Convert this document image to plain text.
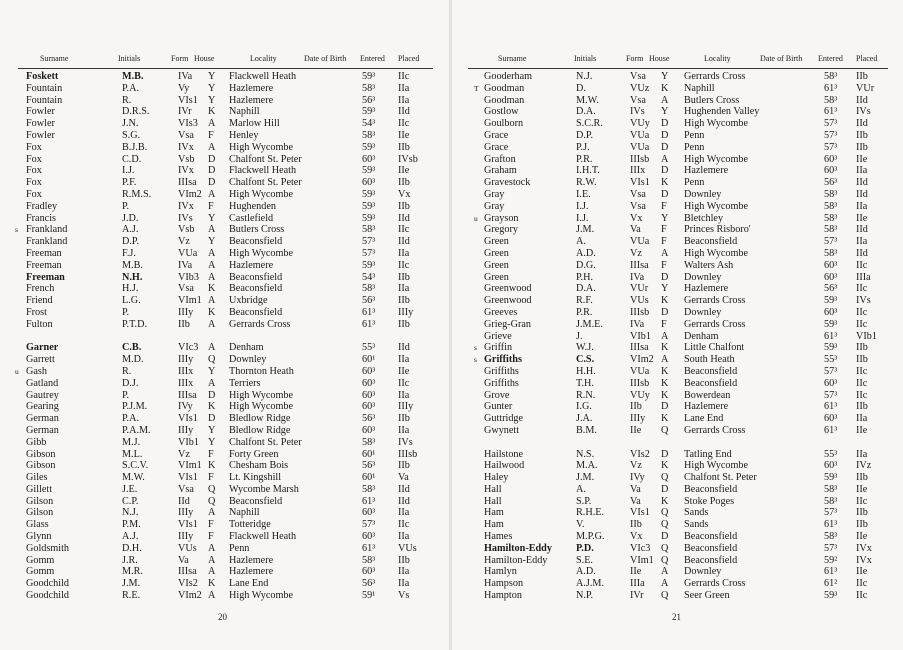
Surname	Initials	Form House	Locality	Date of Birth Entered Placed
Foskett	M.B.	IVa Y Flackwell Heath	59³ IIc
Fountain	P.A.	Vy Y Hazlemere	58³ IIa
Fountain	R.	VIs1 Y Hazlemere	56³ IIa
Fowler	D.R.S.	IVr K Naphill	59³ IId
Fowler	J.N.	VIs3 A Marlow Hill	54³ IIc
Fowler	S.G.	Vsa F Henley	58³ IIe
Fox	B.J.B.	IVx A High Wycombe	59³ IIb
Fox	C.D.	Vsb D Chalfont St. Peter	60³ IVsb
Fox	I.J.	IVx D Flackwell Heath	59³ IIe
Fox	P.F.	IIIsa D Chalfont St. Peter	60³ IIb
Fox	R.M.S.	VIm2 A High Wycombe	59³ Vx
Fradley	P.	IVx F Hughenden	59³ IIb
Francis	J.D.	IVs Y Castlefield	59³ IId
s Frankland	A.J.	Vsb A Butlers Cross	58³ IIc
Frankland	D.P.	Vz Y Beaconsfield	57³ IId
Freeman	F.J.	VUa A High Wycombe	57³ IIa
Freeman	M.B.	IVa A Hazlemere	59³ IIc
Freeman	N.H.	VIb3 A Beaconsfield	54³ IIb
French	H.J.	Vsa K Beaconsfield	58³ IIa
Friend	L.G.	VIm1 A Uxbridge	56³ IIb
Frost	P.	IIIy K Beaconsfield	61³ IIIy
Fulton	P.T.D.	IIb A Gerrards Cross	61³ IIb
Garner	C.B.	VIc3 A Denham	55³ IId
Garrett	M.D.	IIIy Q Downley	60¹ IIa
u Gash	R.	IIIx Y Thornton Heath	60³ IIe
Gatland	D.J.	IIIx A Terriers	60³ IIc
Gautrey	P.	IIIsa D High Wycombe	60³ IIa
Gearing	P.J.M.	IVy K High Wycombe	60³ IIIy
German	P.A.	VIs1 D Bledlow Ridge	56³ IIb
German	P.A.M.	IIIy Y Bledlow Ridge	60³ IIa
Gibb	M.J.	VIb1 Y Chalfont St. Peter	58³ IVs
Gibson	M.L.	Vz F Forty Green	60¹ IIIsb
Gibson	S.C.V.	VIm1 K Chesham Bois	56³ IIb
Giles	M.W.	VIs1 F Lt. Kingshill	60¹ Va
Gillett	J.E.	Vsa Q Wycombe Marsh	58³ IId
Gilson	C.P.	IId Q Beaconsfield	61³ IId
Gilson	N.J.	IIIy A Naphill	60³ IIa
Glass	P.M.	VIs1 F Totteridge	57³ IIc
Glynn	A.J.	IIIy F Flackwell Heath	60³ IIa
Goldsmith	D.H.	VUs A Penn	61³ VUs
Gomm	J.R.	Va A Hazlemere	58³ IIb
Gomm	M.R.	IIIsa A Hazlemere	60³ IIa
Goodchild	J.M.	VIs2 K Lane End	56³ IIa
Goodchild	R.E.	VIm2 A High Wycombe	59¹ Vs
20
Surname	Initials	Form House	Locality	Date of Birth Entered Placed
Gooderham	N.J.	Vsa Y Gerrards Cross	58³ IIb
T Goodman	D.	VUz K Naphill	61³ VUr
Goodman	M.W.	Vsa A Butlers Cross	58³ IId
Gostlow	D.A.	IVs Y Hughenden Valley	61³ IVs
Goulborn	S.C.R.	VUy D High Wycombe	57³ IId
Grace	D.P.	VUa D Penn	57³ IIb
Grace	P.J.	VUa D Penn	57³ IIb
Grafton	P.R.	IIIsb A High Wycombe	60³ IIe
Graham	I.H.T.	IIIx D Hazlemere	60³ IIa
Gravestock	R.W.	VIs1 K Penn	56³ IId
Gray	I.E.	Vsa D Downley	58³ IId
Gray	I.J.	Vsa F High Wycombe	58³ IIa
u Grayson	I.J.	Vx Y Bletchley	58³ IIe
Gregory	J.M.	Va F Princes Risboro'	58³ IId
Green	A.	VUa F Beaconsfield	57³ IIa
Green	A.D.	Vz A High Wycombe	58³ IId
Green	D.G.	IIIsa F Walters Ash	60³ IIc
Green	P.H.	IVa D Downley	60³ IIIa
Greenwood	D.A.	VUr Y Hazlemere	56³ IIc
Greenwood	R.F.	VUs K Gerrards Cross	59³ IVs
Greeves	P.R.	IIIsb D Downley	60³ IIc
Grieg-Gran	J.M.E.	IVa F Gerrards Cross	59³ IIc
Grieve	J.	VIb1 A Denham	61³ VIb1
s Griffin	W.J.	IIIsa K Little Chalfont	59³ IIb
s Griffiths	C.S.	VIm2 A South Heath	55³ IIb
Griffiths	H.H.	VUa K Beaconsfield	57³ IIc
Griffiths	T.H.	IIIsb K Beaconsfield	60³ IIc
Grove	R.N.	VUy K Bowerdean	57³ IIc
Gunter	I.G.	IIb D Hazlemere	61³ IIb
Guttridge	J.A.	IIIy K Lane End	60³ IIa
Gwynett	B.M.	IIe Q Gerrards Cross	61³ IIe
Hailstone	N.S.	VIs2 D Tatling End	55³ IIa
Hailwood	M.A.	Vz K High Wycombe	60³ IVz
Haley	J.M.	IVy Q Chalfont St. Peter	59³ IIb
Hall	A.	Va D Beaconsfield	58³ IIe
Hall	S.P.	Va K Stoke Poges	58³ IIc
Ham	R.H.E.	VIs1 Q Sands	57³ IIb
Ham	V.	IIb Q Sands	61³ IIb
Hames	M.P.G. Vx D Beaconsfield	58³ IIe
Hamilton-Eddy P.D.	VIc3 Q Beaconsfield	57³ IVx
Hamilton-Eddy	S.E.	VIm1 Q Beaconsfield	59² IVx
Hamlyn	A.D.	IIe A Downley	61³ IIe
Hampson	A.J.M.	IIIa A Gerrards Cross	61² IIc
Hampton	N.P.	IVr Q Seer Green	59³ IIc
21
